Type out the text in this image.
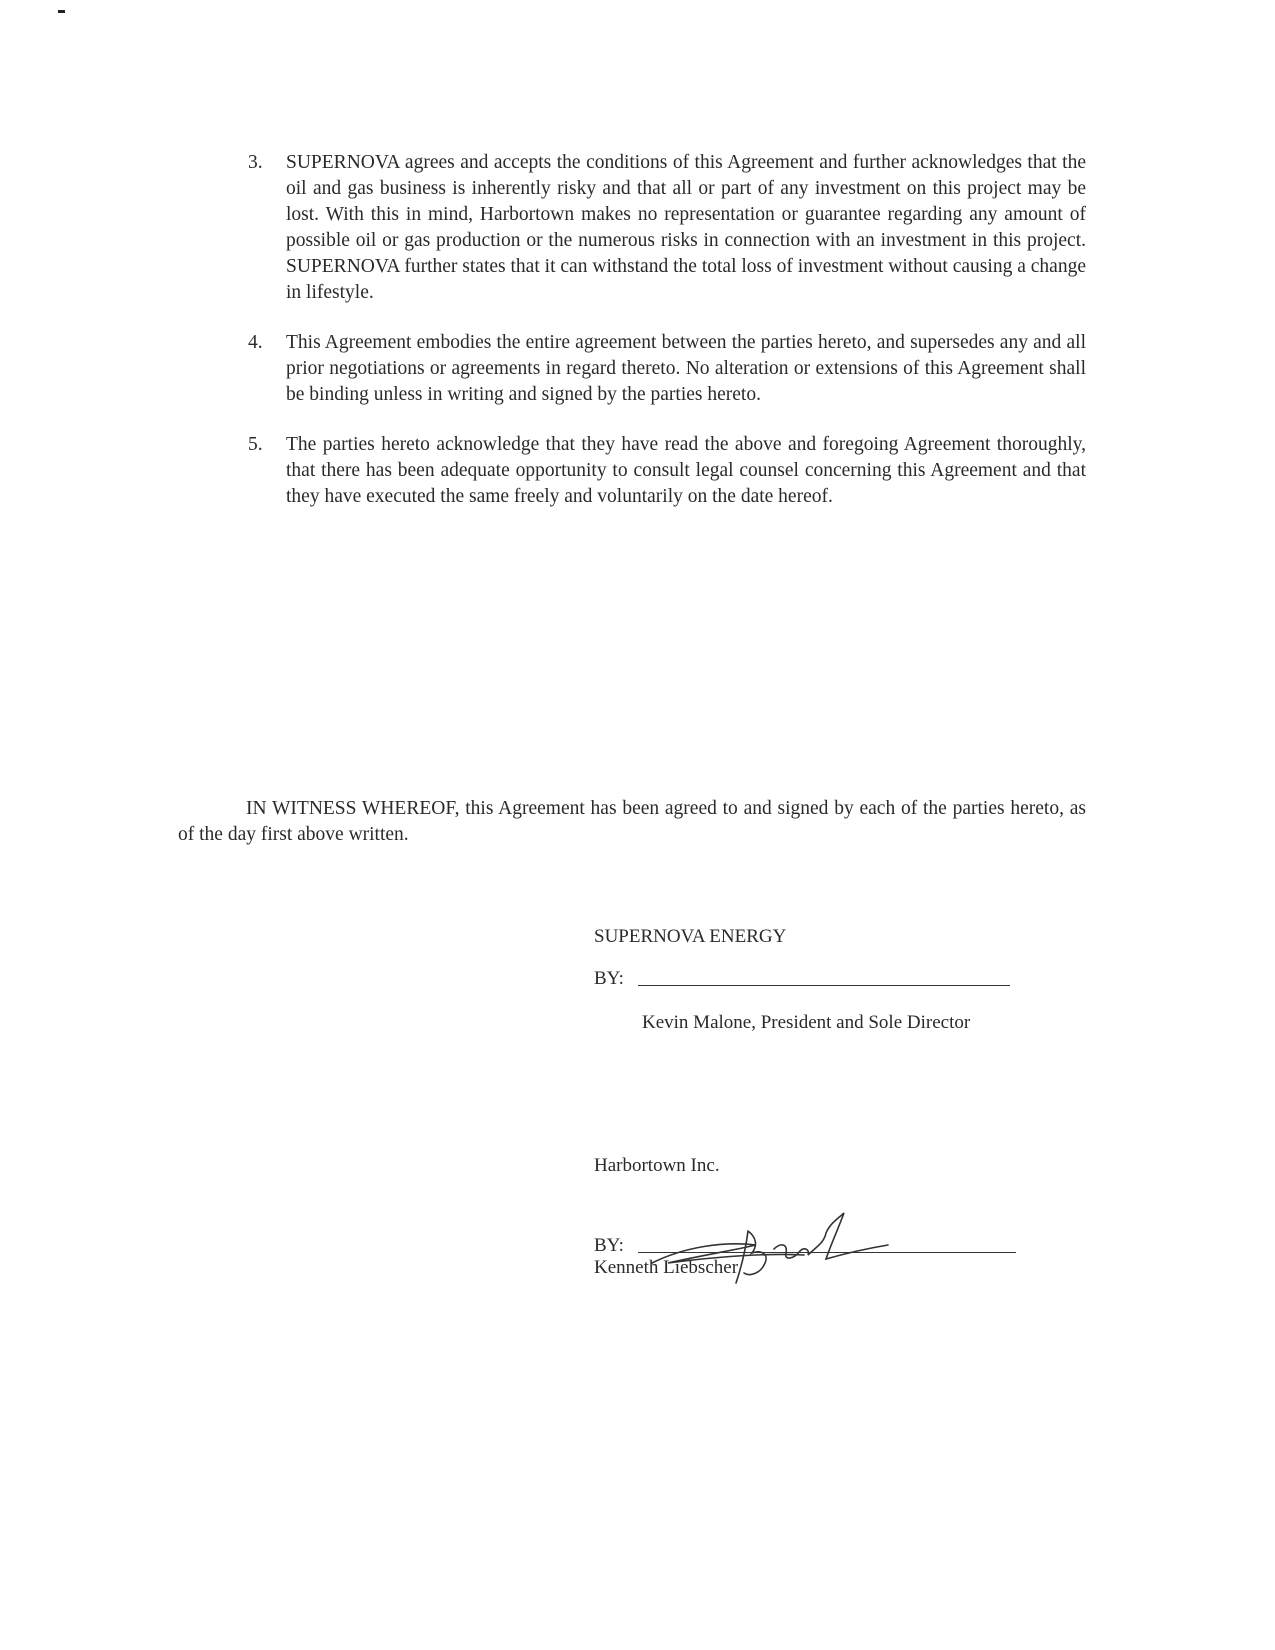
3. SUPERNOVA agrees and accepts the conditions of this Agreement and further acknowledges that the oil and gas business is inherently risky and that all or part of any investment on this project may be lost. With this in mind, Harbortown makes no representation or guarantee regarding any amount of possible oil or gas production or the numerous risks in connection with an investment in this project. SUPERNOVA further states that it can withstand the total loss of investment without causing a change in lifestyle.
4. This Agreement embodies the entire agreement between the parties hereto, and supersedes any and all prior negotiations or agreements in regard thereto. No alteration or extensions of this Agreement shall be binding unless in writing and signed by the parties hereto.
5. The parties hereto acknowledge that they have read the above and foregoing Agreement thoroughly, that there has been adequate opportunity to consult legal counsel concerning this Agreement and that they have executed the same freely and voluntarily on the date hereof.

IN WITNESS WHEREOF, this Agreement has been agreed to and signed by each of the parties hereto, as of the day first above written.

SUPERNOVA ENERGY

BY:

Kevin Malone, President and Sole Director

Harbortown Inc.

BY:

Kenneth Liebscher
